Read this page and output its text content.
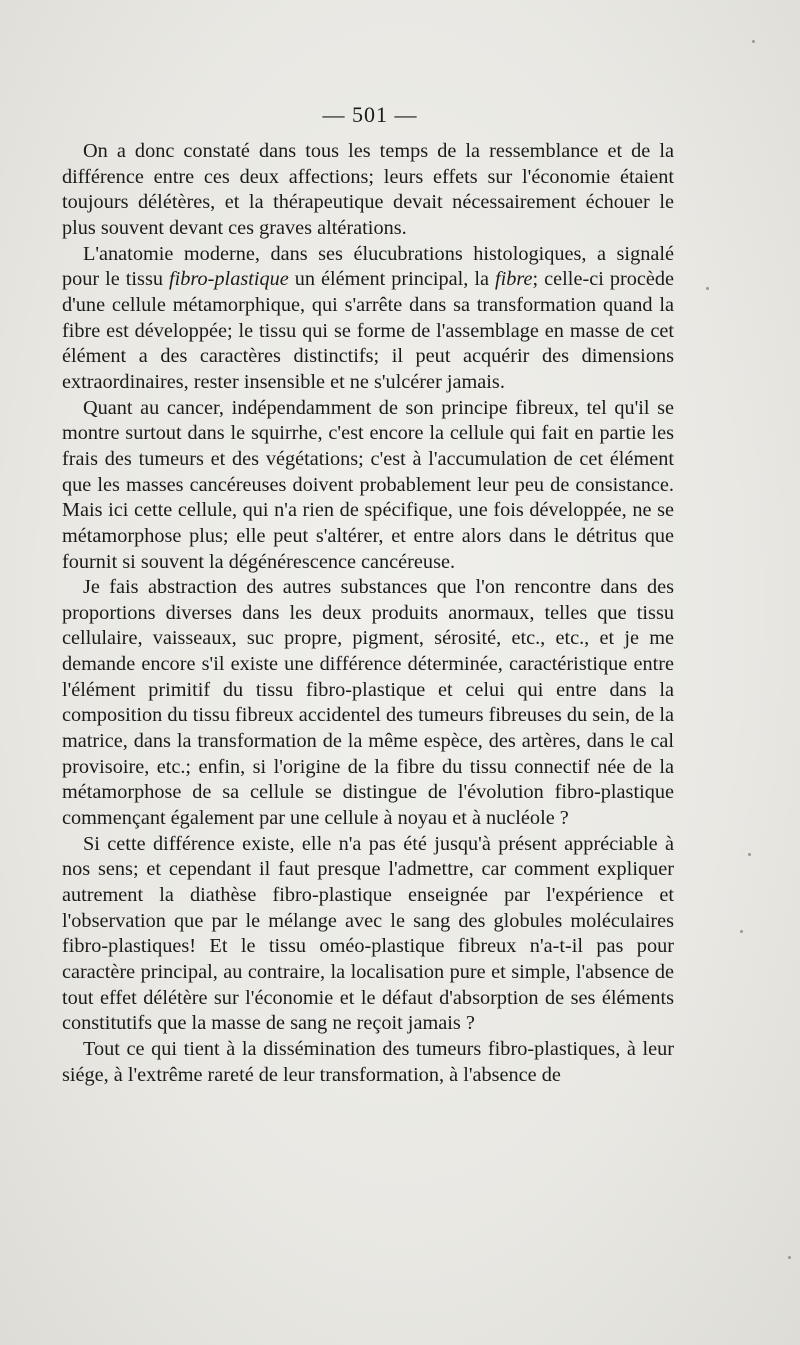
— 501 —

On a donc constaté dans tous les temps de la ressemblance et de la différence entre ces deux affections; leurs effets sur l'économie étaient toujours délétères, et la thérapeutique devait nécessairement échouer le plus souvent devant ces graves altérations.

L'anatomie moderne, dans ses élucubrations histologiques, a signalé pour le tissu fibro-plastique un élément principal, la fibre; celle-ci procède d'une cellule métamorphique, qui s'arrête dans sa transformation quand la fibre est développée; le tissu qui se forme de l'assemblage en masse de cet élément a des caractères distinctifs; il peut acquérir des dimensions extraordinaires, rester insensible et ne s'ulcérer jamais.

Quant au cancer, indépendamment de son principe fibreux, tel qu'il se montre surtout dans le squirrhe, c'est encore la cellule qui fait en partie les frais des tumeurs et des végétations; c'est à l'accumulation de cet élément que les masses cancéreuses doivent probablement leur peu de consistance. Mais ici cette cellule, qui n'a rien de spécifique, une fois développée, ne se métamorphose plus; elle peut s'altérer, et entre alors dans le détritus que fournit si souvent la dégénérescence cancéreuse.

Je fais abstraction des autres substances que l'on rencontre dans des proportions diverses dans les deux produits anormaux, telles que tissu cellulaire, vaisseaux, suc propre, pigment, sérosité, etc., etc., et je me demande encore s'il existe une différence déterminée, caractéristique entre l'élément primitif du tissu fibro-plastique et celui qui entre dans la composition du tissu fibreux accidentel des tumeurs fibreuses du sein, de la matrice, dans la transformation de la même espèce, des artères, dans le cal provisoire, etc.; enfin, si l'origine de la fibre du tissu connectif née de la métamorphose de sa cellule se distingue de l'évolution fibro-plastique commençant également par une cellule à noyau et à nucléole ?

Si cette différence existe, elle n'a pas été jusqu'à présent appréciable à nos sens; et cependant il faut presque l'admettre, car comment expliquer autrement la diathèse fibro-plastique enseignée par l'expérience et l'observation que par le mélange avec le sang des globules moléculaires fibro-plastiques! Et le tissu oméo-plastique fibreux n'a-t-il pas pour caractère principal, au contraire, la localisation pure et simple, l'absence de tout effet délétère sur l'économie et le défaut d'absorption de ses éléments constitutifs que la masse de sang ne reçoit jamais ?

Tout ce qui tient à la dissémination des tumeurs fibro-plastiques, à leur siége, à l'extrême rareté de leur transformation, à l'absence de
